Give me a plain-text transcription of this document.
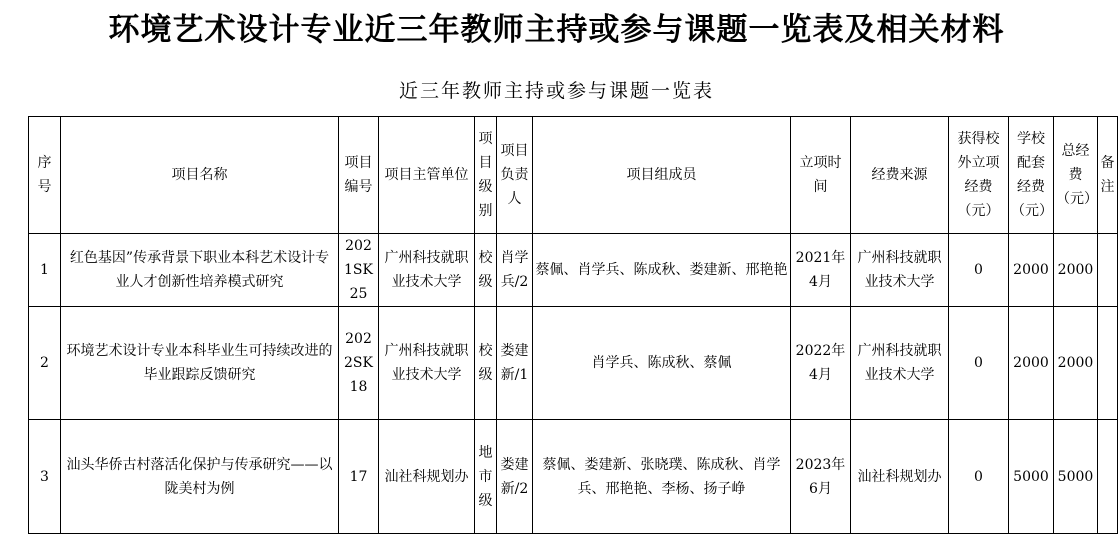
环境艺术设计专业近三年教师主持或参与课题一览表及相关材料
近三年教师主持或参与课题一览表
序号	项目名称	项目编号	项目主管单位	项目级别	项目负责人	项目组成员	立项时间	经费来源	获得校外立项经费（元）	学校配套经费（元）	总经费（元）	备注
1	红色基因”传承背景下职业本科艺术设计专业人才创新性培养模式研究	2021SK25	广州科技就职业技术大学	校级	肖学兵/2	蔡佩、肖学兵、陈成秋、娄建新、邢艳艳	2021年4月	广州科技就职业技术大学	0	2000	2000	
2	环境艺术设计专业本科毕业生可持续改进的毕业跟踪反馈研究	2022SK18	广州科技就职业技术大学	校级	娄建新/1	肖学兵、陈成秋、蔡佩	2022年4月	广州科技就职业技术大学	0	2000	2000	
3	汕头华侨古村落活化保护与传承研究——以陇美村为例	17	汕社科规划办	地市级	娄建新/2	蔡佩、娄建新、张晓璞、陈成秋、肖学兵、邢艳艳、李杨、扬子峥	2023年6月	汕社科规划办	0	5000	5000	
